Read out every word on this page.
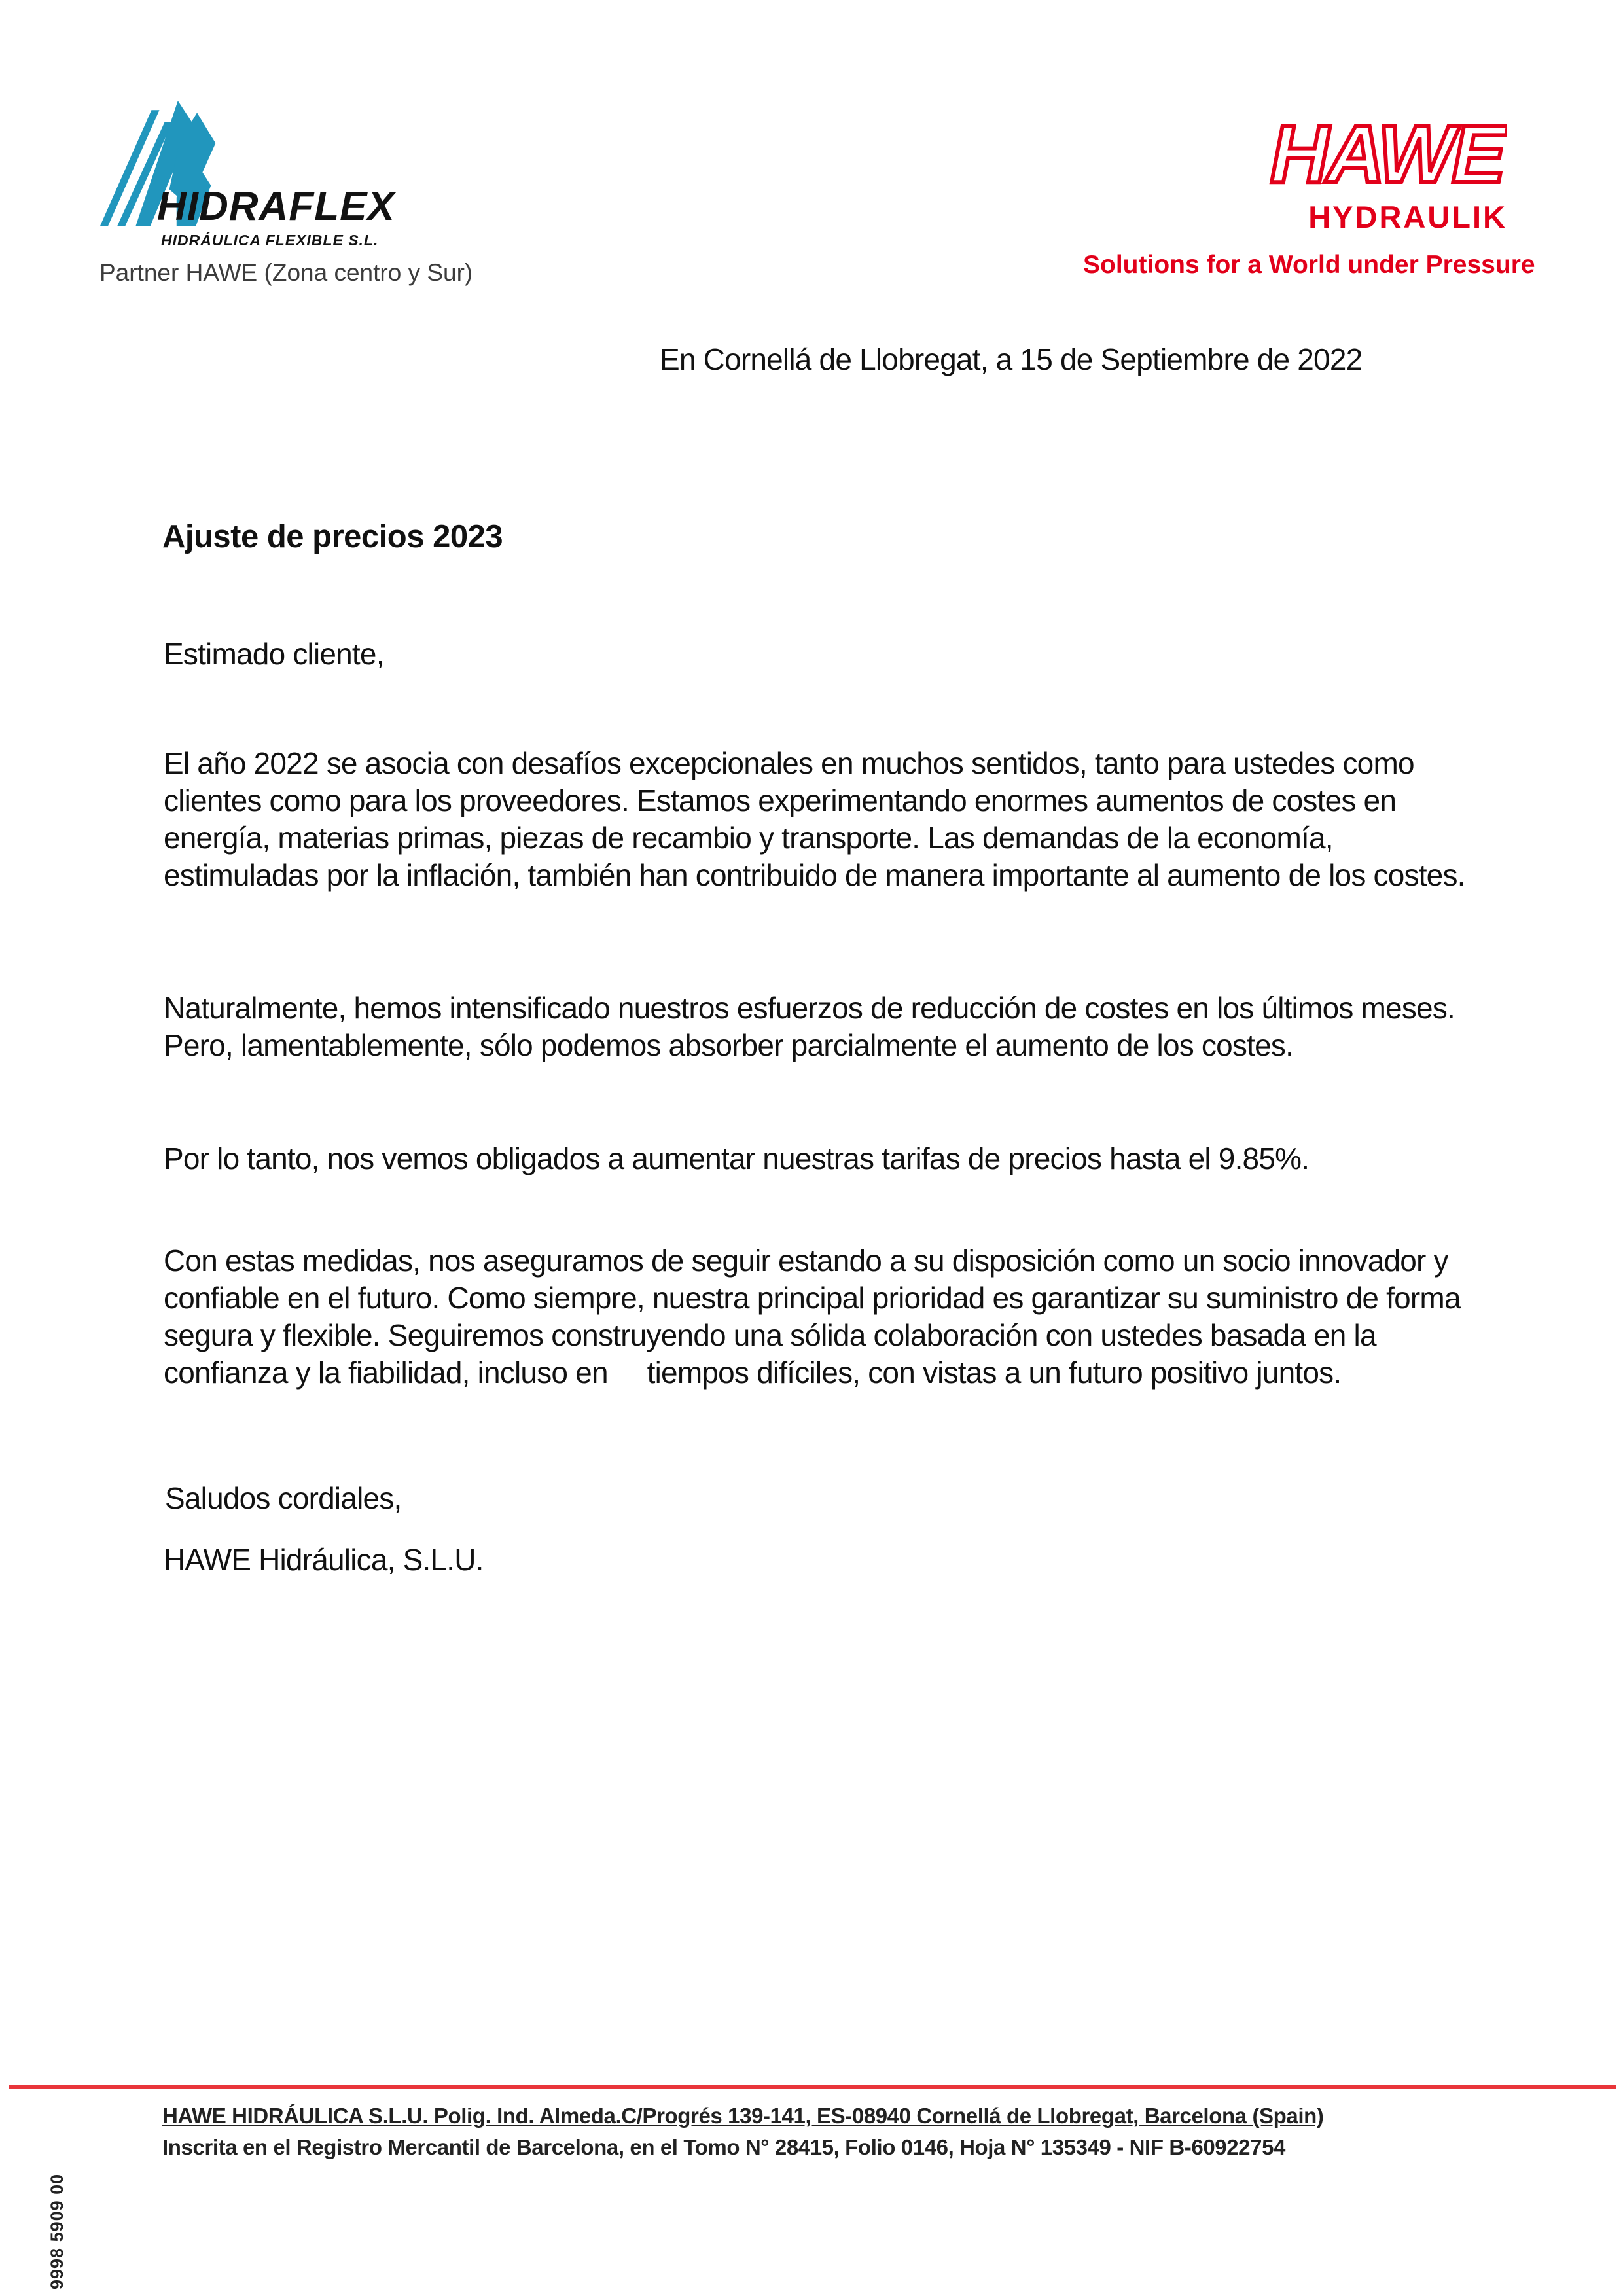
HIDRAFLEX
HIDRÁULICA FLEXIBLE S.L.
Partner HAWE (Zona centro y Sur)
HAWE
HYDRAULIK
Solutions for a World under Pressure
En Cornellá de Llobregat, a 15 de Septiembre de 2022
Ajuste de precios 2023
Estimado cliente,

El año 2022 se asocia con desafíos excepcionales en muchos sentidos, tanto para ustedes como clientes como para los proveedores. Estamos experimentando enormes aumentos de costes en energía, materias primas, piezas de recambio y transporte. Las demandas de la economía, estimuladas por la inflación, también han contribuido de manera importante al aumento de los costes.

Naturalmente, hemos intensificado nuestros esfuerzos de reducción de costes en los últimos meses. Pero, lamentablemente, sólo podemos absorber parcialmente el aumento de los costes.

Por lo tanto, nos vemos obligados a aumentar nuestras tarifas de precios hasta el 9.85%.

Con estas medidas, nos aseguramos de seguir estando a su disposición como un socio innovador y confiable en el futuro. Como siempre, nuestra principal prioridad es garantizar su suministro de forma segura y flexible. Seguiremos construyendo una sólida colaboración con ustedes basada en la confianza y la fiabilidad, incluso en     tiempos difíciles, con vistas a un futuro positivo juntos.

Saludos cordiales,
HAWE Hidráulica, S.L.U.
HAWE HIDRÁULICA S.L.U. Polig. Ind. Almeda.C/Progrés 139-141, ES-08940 Cornellá de Llobregat, Barcelona (Spain)
Inscrita en el Registro Mercantil de Barcelona, en el Tomo N° 28415, Folio 0146, Hoja N° 135349 - NIF B-60922754
9998 5909 00
